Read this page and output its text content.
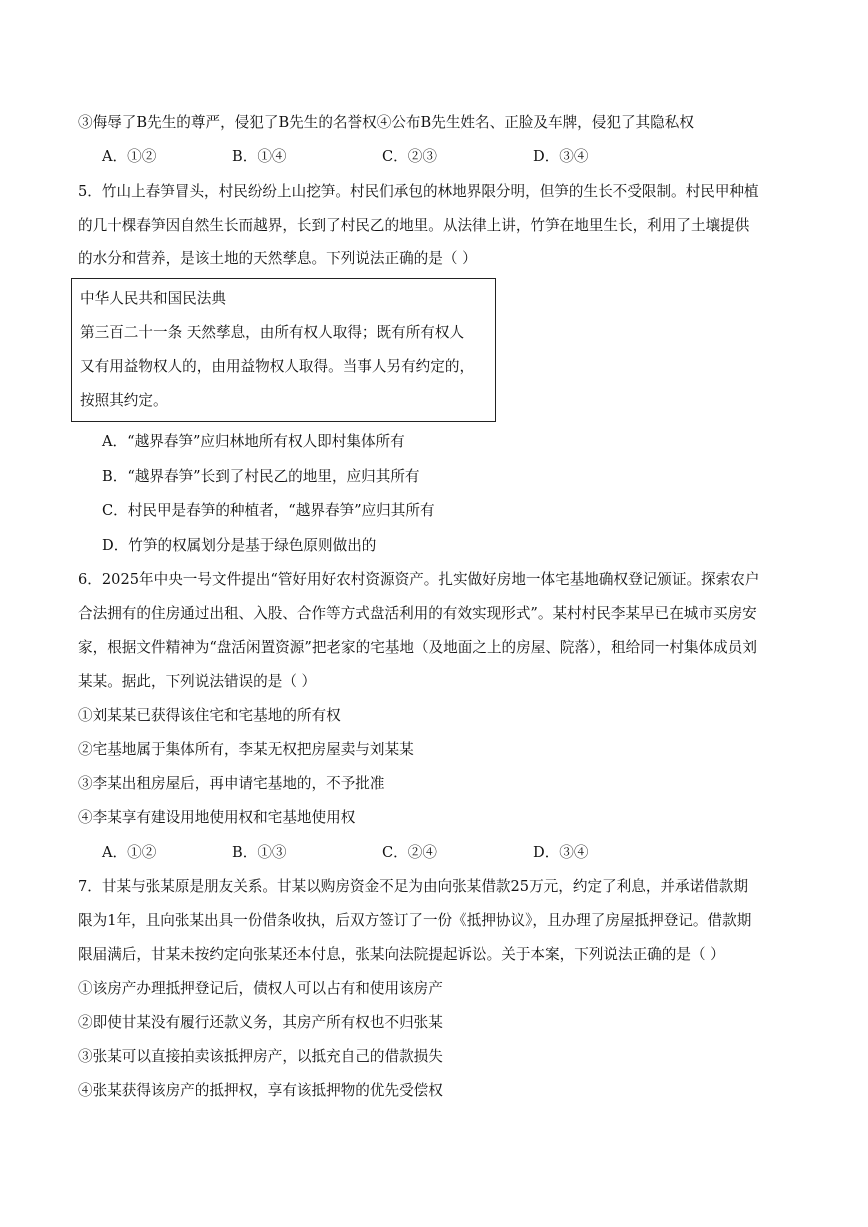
③侮辱了B先生的尊严，侵犯了B先生的名誉权④公布B先生姓名、正脸及车牌，侵犯了其隐私权
A．①②	B．①④	C．②③	D．③④
5．竹山上春笋冒头，村民纷纷上山挖笋。村民们承包的林地界限分明，但笋的生长不受限制。村民甲种植
的几十棵春笋因自然生长而越界，长到了村民乙的地里。从法律上讲，竹笋在地里生长，利用了土壤提供
的水分和营养，是该土地的天然孳息。下列说法正确的是（ ）
中华人民共和国民法典
第三百二十一条 天然孳息，由所有权人取得；既有所有权人
又有用益物权人的，由用益物权人取得。当事人另有约定的，
按照其约定。
A．“越界春笋”应归林地所有权人即村集体所有
B．“越界春笋”长到了村民乙的地里，应归其所有
C．村民甲是春笋的种植者，“越界春笋”应归其所有
D．竹笋的权属划分是基于绿色原则做出的
6．2025年中央一号文件提出“管好用好农村资源资产。扎实做好房地一体宅基地确权登记颁证。探索农户
合法拥有的住房通过出租、入股、合作等方式盘活利用的有效实现形式”。某村村民李某早已在城市买房安
家，根据文件精神为“盘活闲置资源”把老家的宅基地（及地面之上的房屋、院落），租给同一村集体成员刘
某某。据此，下列说法错误的是（ ）
①刘某某已获得该住宅和宅基地的所有权
②宅基地属于集体所有，李某无权把房屋卖与刘某某
③李某出租房屋后，再申请宅基地的，不予批准
④李某享有建设用地使用权和宅基地使用权
A．①②	B．①③	C．②④	D．③④
7．甘某与张某原是朋友关系。甘某以购房资金不足为由向张某借款25万元，约定了利息，并承诺借款期
限为1年，且向张某出具一份借条收执，后双方签订了一份《抵押协议》，且办理了房屋抵押登记。借款期
限届满后，甘某未按约定向张某还本付息，张某向法院提起诉讼。关于本案，下列说法正确的是（ ）
①该房产办理抵押登记后，债权人可以占有和使用该房产
②即使甘某没有履行还款义务，其房产所有权也不归张某
③张某可以直接拍卖该抵押房产，以抵充自己的借款损失
④张某获得该房产的抵押权，享有该抵押物的优先受偿权
